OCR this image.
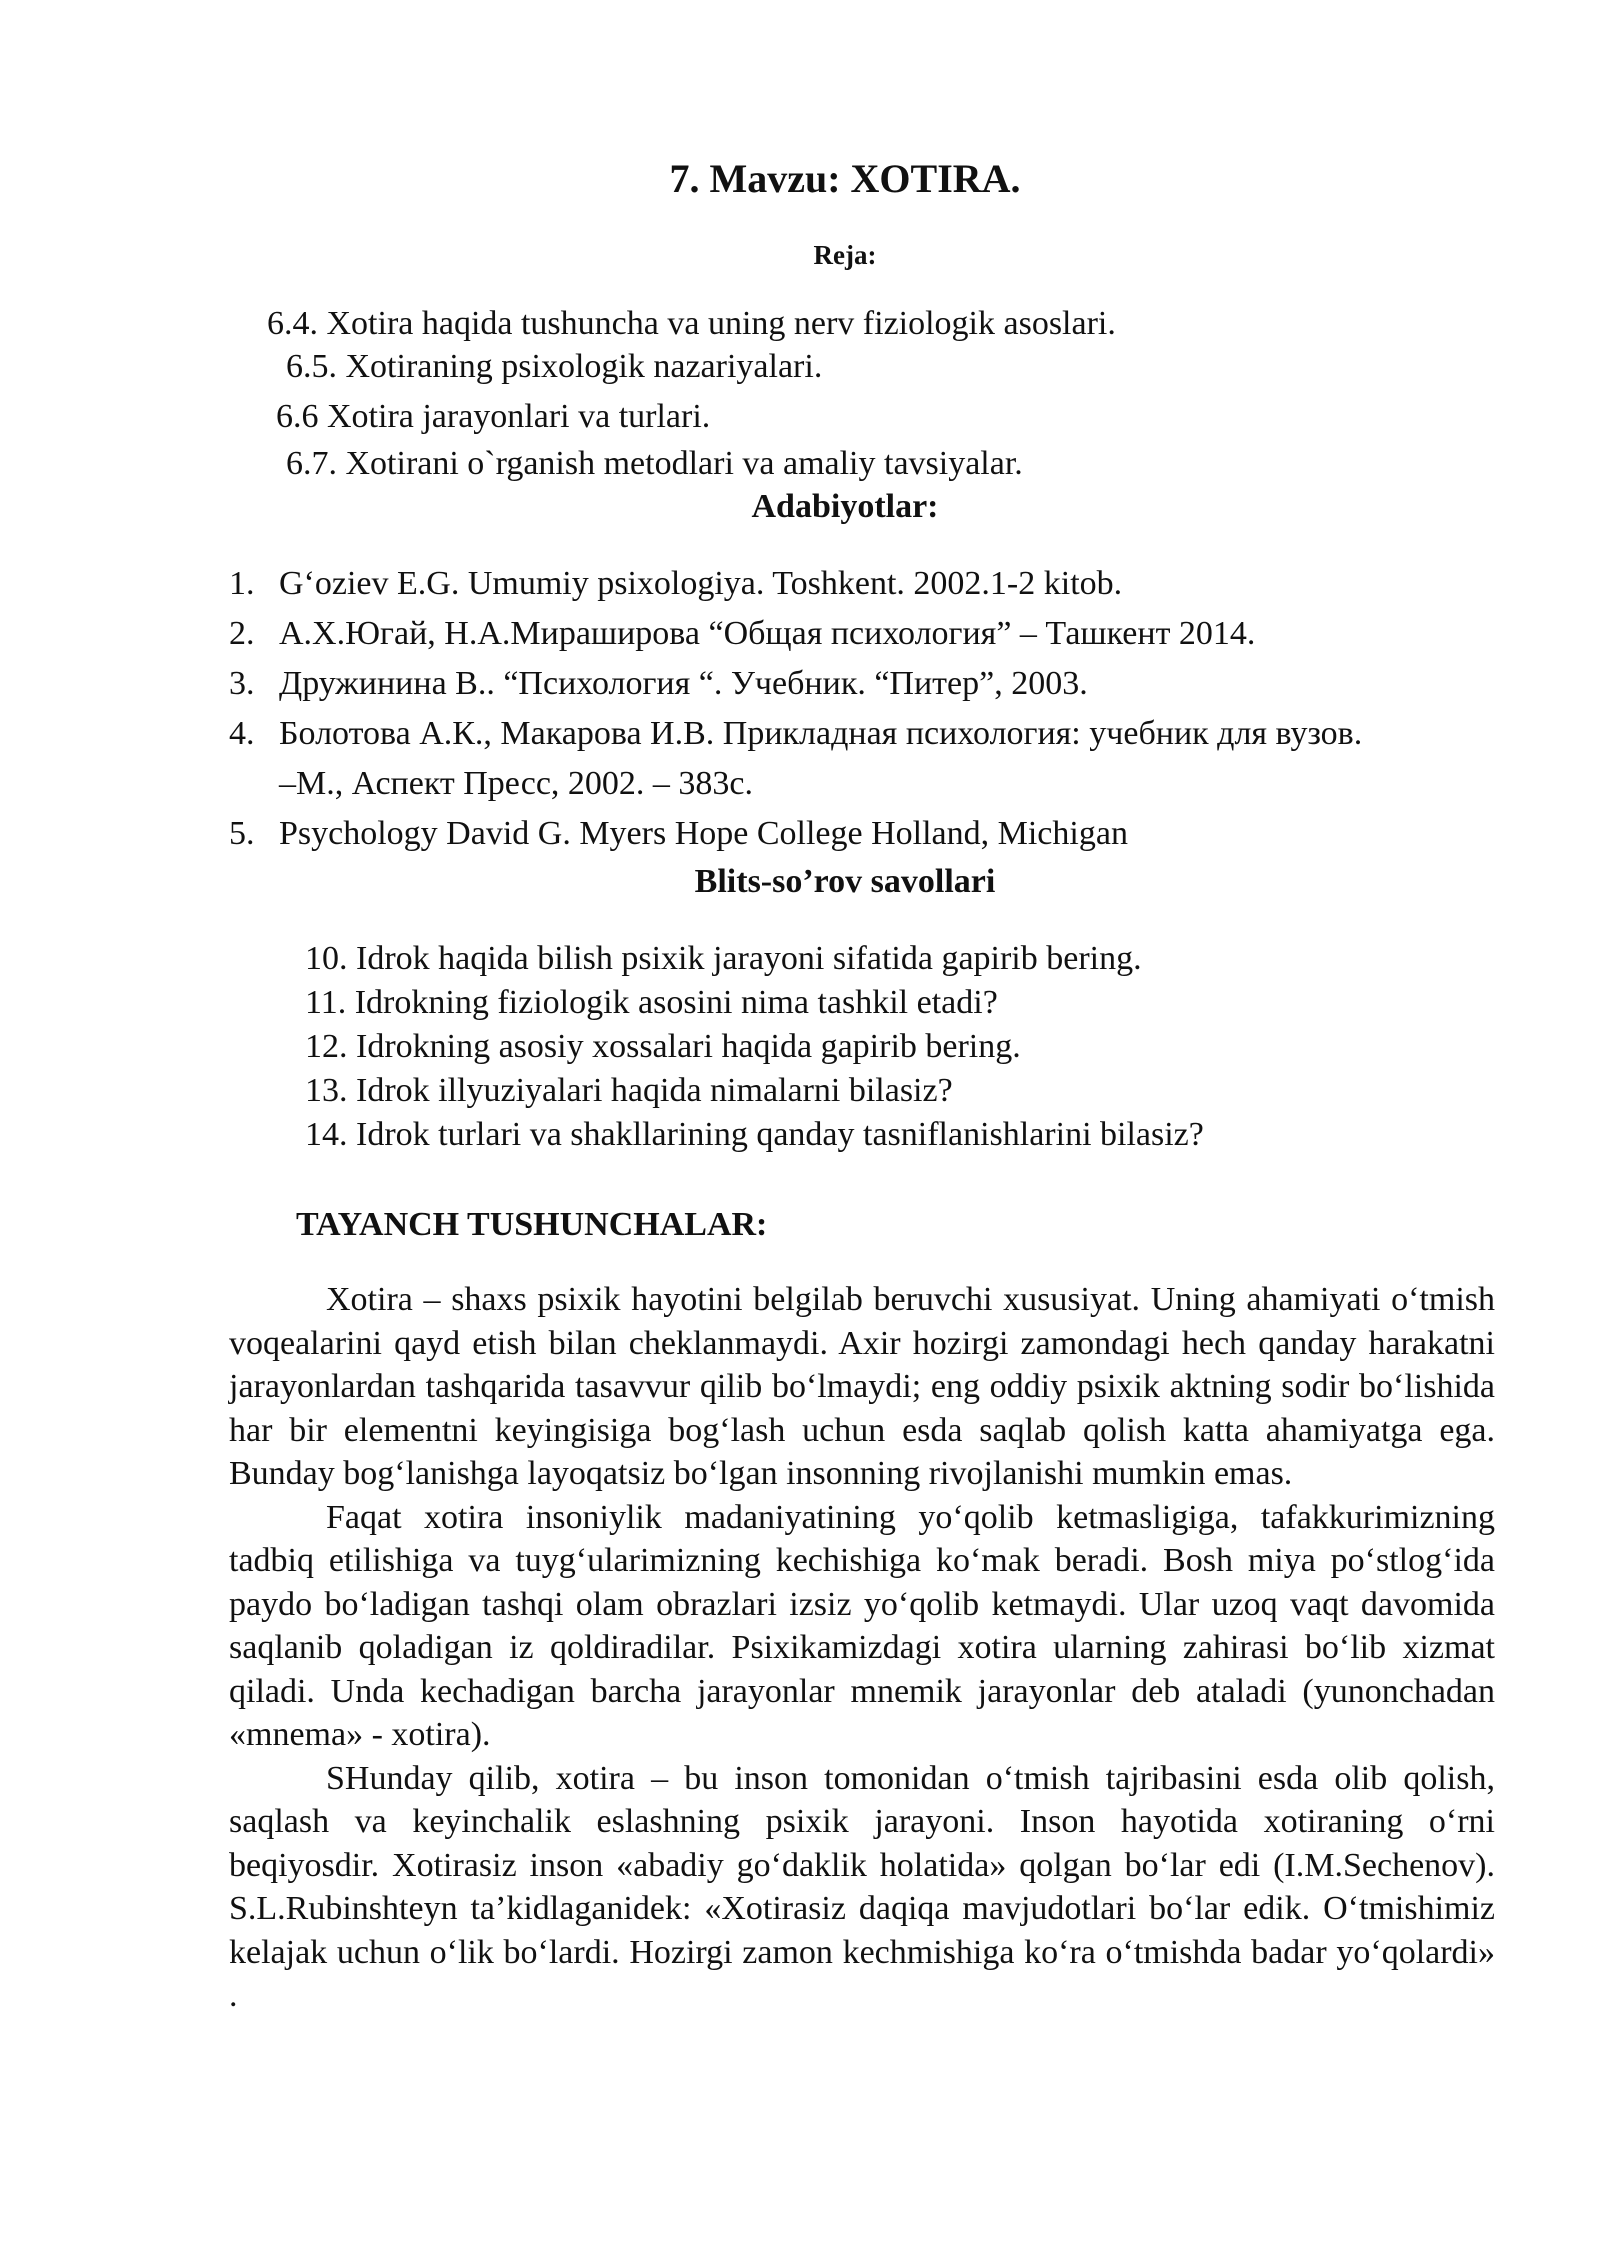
7. Mavzu: XOTIRA.
Reja:
6.4. Xotira haqida tushuncha va uning nerv fiziologik asoslari.
6.5. Xotiraning psixologik nazariyalari.
6.6 Xotira jarayonlari va turlari.
6.7. Xotirani o`rganish metodlari va amaliy tavsiyalar.
Adabiyotlar:
1. G‘oziev E.G. Umumiy psixologiya. Toshkent. 2002.1-2 kitob.
2. А.Х.Югай, Н.А.Мираширова “Общая психология” – Ташкент 2014.
3. Дружинина В.. “Психология “. Учебник. “Питер”, 2003.
4. Болотова А.К., Макарова И.В. Прикладная психология: учебник для вузов.
–М., Аспект Пресс, 2002. – 383с.
5. Psychology David G. Myers Hope College Holland, Michigan
Blits-so’rov savollari
10. Idrok haqida bilish psixik jarayoni sifatida gapirib bering.
11. Idrokning fiziologik asosini nima tashkil etadi?
12. Idrokning asosiy xossalari haqida gapirib bering.
13. Idrok illyuziyalari haqida nimalarni bilasiz?
14. Idrok turlari va shakllarining qanday tasniflanishlarini bilasiz?
TAYANCH TUSHUNCHALAR:

Xotira – shaxs psixik hayotini belgilab beruvchi xususiyat. Uning ahamiyati o‘tmish voqealarini qayd etish bilan cheklanmaydi. Axir hozirgi zamondagi hech qanday harakatni jarayonlardan tashqarida tasavvur qilib bo‘lmaydi; eng oddiy psixik aktning sodir bo‘lishida har bir elementni keyingisiga bog‘lash uchun esda saqlab qolish katta ahamiyatga ega. Bunday bog‘lanishga layoqatsiz bo‘lgan insonning rivojlanishi mumkin emas.

Faqat xotira insoniylik madaniyatining yo‘qolib ketmasligiga, tafakkurimizning tadbiq etilishiga va tuyg‘ularimizning kechishiga ko‘mak beradi. Bosh miya po‘stlog‘ida paydo bo‘ladigan tashqi olam obrazlari izsiz yo‘qolib ketmaydi. Ular uzoq vaqt davomida saqlanib qoladigan iz qoldiradilar. Psixikamizdagi xotira ularning zahirasi bo‘lib xizmat qiladi. Unda kechadigan barcha jarayonlar mnemik jarayonlar deb ataladi (yunonchadan «mnema» - xotira).

SHunday qilib, xotira – bu inson tomonidan o‘tmish tajribasini esda olib qolish, saqlash va keyinchalik eslashning psixik jarayoni. Inson hayotida xotiraning o‘rni beqiyosdir. Xotirasiz inson «abadiy go‘daklik holatida» qolgan bo‘lar edi (I.M.Sechenov). S.L.Rubinshteyn ta’kidlaganidek: «Xotirasiz daqiqa mavjudotlari bo‘lar edik. O‘tmishimiz kelajak uchun o‘lik bo‘lardi. Hozirgi zamon kechmishiga ko‘ra o‘tmishda badar yo‘qolardi» .
